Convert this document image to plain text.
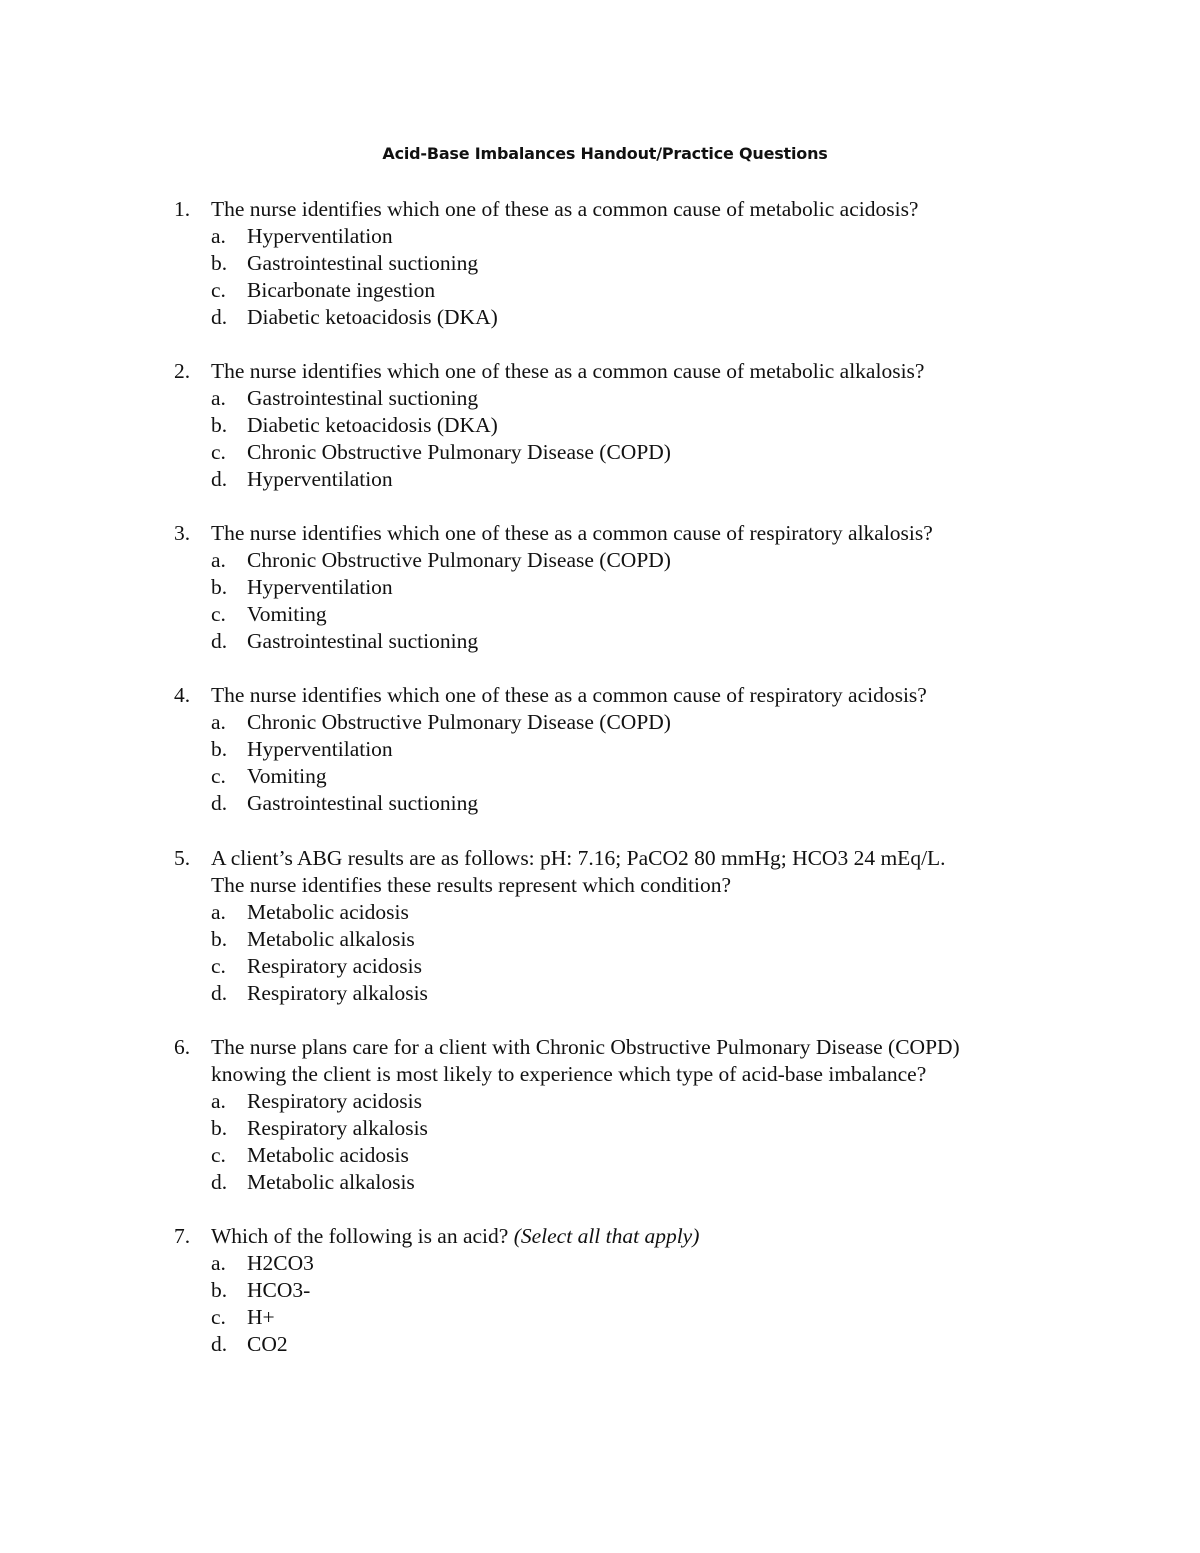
Acid-Base Imbalances Handout/Practice Questions
1. The nurse identifies which one of these as a common cause of metabolic acidosis?
a. Hyperventilation
b. Gastrointestinal suctioning
c. Bicarbonate ingestion
d. Diabetic ketoacidosis (DKA)
2. The nurse identifies which one of these as a common cause of metabolic alkalosis?
a. Gastrointestinal suctioning
b. Diabetic ketoacidosis (DKA)
c. Chronic Obstructive Pulmonary Disease (COPD)
d. Hyperventilation
3. The nurse identifies which one of these as a common cause of respiratory alkalosis?
a. Chronic Obstructive Pulmonary Disease (COPD)
b. Hyperventilation
c. Vomiting
d. Gastrointestinal suctioning
4. The nurse identifies which one of these as a common cause of respiratory acidosis?
a. Chronic Obstructive Pulmonary Disease (COPD)
b. Hyperventilation
c. Vomiting
d. Gastrointestinal suctioning
5. A client’s ABG results are as follows: pH: 7.16; PaCO2 80 mmHg; HCO3 24 mEq/L.
The nurse identifies these results represent which condition?
a. Metabolic acidosis
b. Metabolic alkalosis
c. Respiratory acidosis
d. Respiratory alkalosis
6. The nurse plans care for a client with Chronic Obstructive Pulmonary Disease (COPD)
knowing the client is most likely to experience which type of acid-base imbalance?
a. Respiratory acidosis
b. Respiratory alkalosis
c. Metabolic acidosis
d. Metabolic alkalosis
7. Which of the following is an acid? (Select all that apply)
a. H2CO3
b. HCO3-
c. H+
d. CO2
